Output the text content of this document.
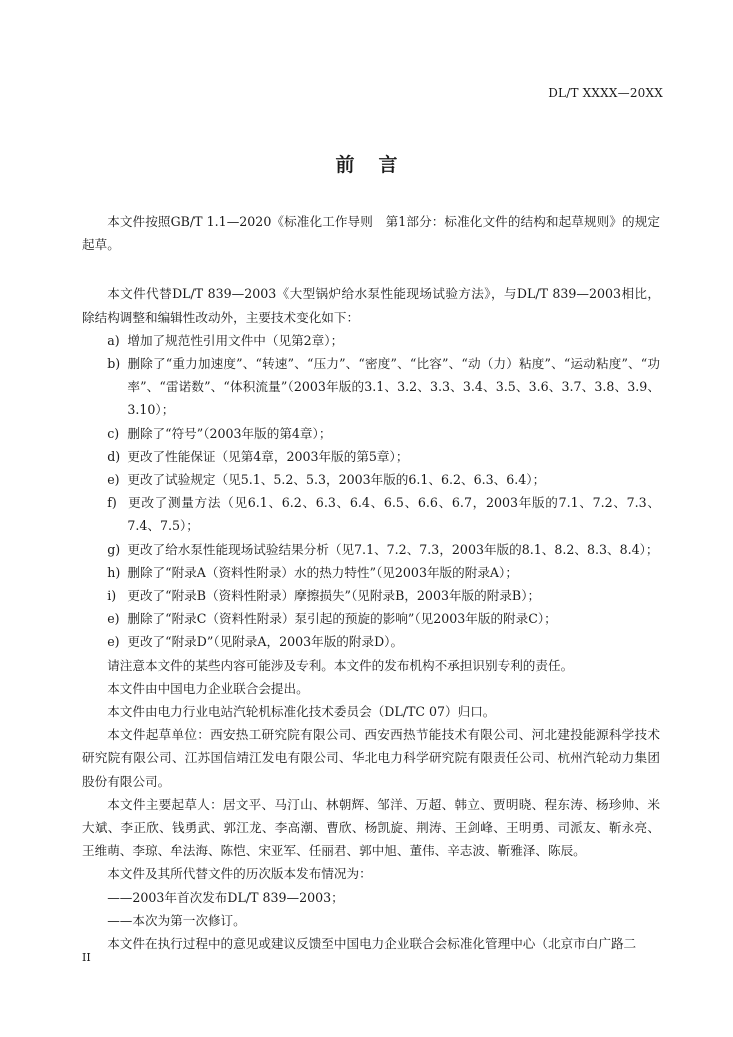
DL/T XXXX—20XX
前言

本文件按照GB/T 1.1—2020《标准化工作导则　第1部分：标准化文件的结构和起草规则》的规定起草。

本文件代替DL/T 839—2003《大型锅炉给水泵性能现场试验方法》，与DL/T 839—2003相比，除结构调整和编辑性改动外，主要技术变化如下：

a) 增加了规范性引用文件中（见第2章）；

b) 删除了“重力加速度”、“转速”、“压力”、“密度”、“比容”、“动（力）粘度”、“运动粘度”、“功率”、“雷诺数”、“体积流量”（2003年版的3.1、3.2、3.3、3.4、3.5、3.6、3.7、3.8、3.9、3.10）；

c) 删除了“符号”（2003年版的第4章）；

d) 更改了性能保证（见第4章，2003年版的第5章）；

e) 更改了试验规定（见5.1、5.2、5.3，2003年版的6.1、6.2、6.3、6.4）；

f) 更改了测量方法（见6.1、6.2、6.3、6.4、6.5、6.6、6.7，2003年版的7.1、7.2、7.3、7.4、7.5）；

g) 更改了给水泵性能现场试验结果分析（见7.1、7.2、7.3，2003年版的8.1、8.2、8.3、8.4）；

h) 删除了“附录A（资料性附录）水的热力特性”（见2003年版的附录A）；

i) 更改了“附录B（资料性附录）摩擦损失”（见附录B，2003年版的附录B）；

e) 删除了“附录C（资料性附录）泵引起的预旋的影响”（见2003年版的附录C）；

e) 更改了“附录D”（见附录A，2003年版的附录D）。

请注意本文件的某些内容可能涉及专利。本文件的发布机构不承担识别专利的责任。

本文件由中国电力企业联合会提出。

本文件由电力行业电站汽轮机标准化技术委员会（DL/TC 07）归口。

本文件起草单位：西安热工研究院有限公司、西安西热节能技术有限公司、河北建投能源科学技术研究院有限公司、江苏国信靖江发电有限公司、华北电力科学研究院有限责任公司、杭州汽轮动力集团股份有限公司。

本文件主要起草人：居文平、马汀山、林朝辉、邹洋、万超、韩立、贾明晓、程东涛、杨珍帅、米大斌、李正欣、钱勇武、郭江龙、李高潮、曹欣、杨凯旋、荆涛、王剑峰、王明勇、司派友、靳永亮、王维萌、李琼、牟法海、陈恺、宋亚军、任丽君、郭中旭、董伟、辛志波、靳雅泽、陈辰。

本文件及其所代替文件的历次版本发布情况为：

——2003年首次发布DL/T 839—2003；

——本次为第一次修订。

本文件在执行过程中的意见或建议反馈至中国电力企业联合会标准化管理中心（北京市白广路二

II
